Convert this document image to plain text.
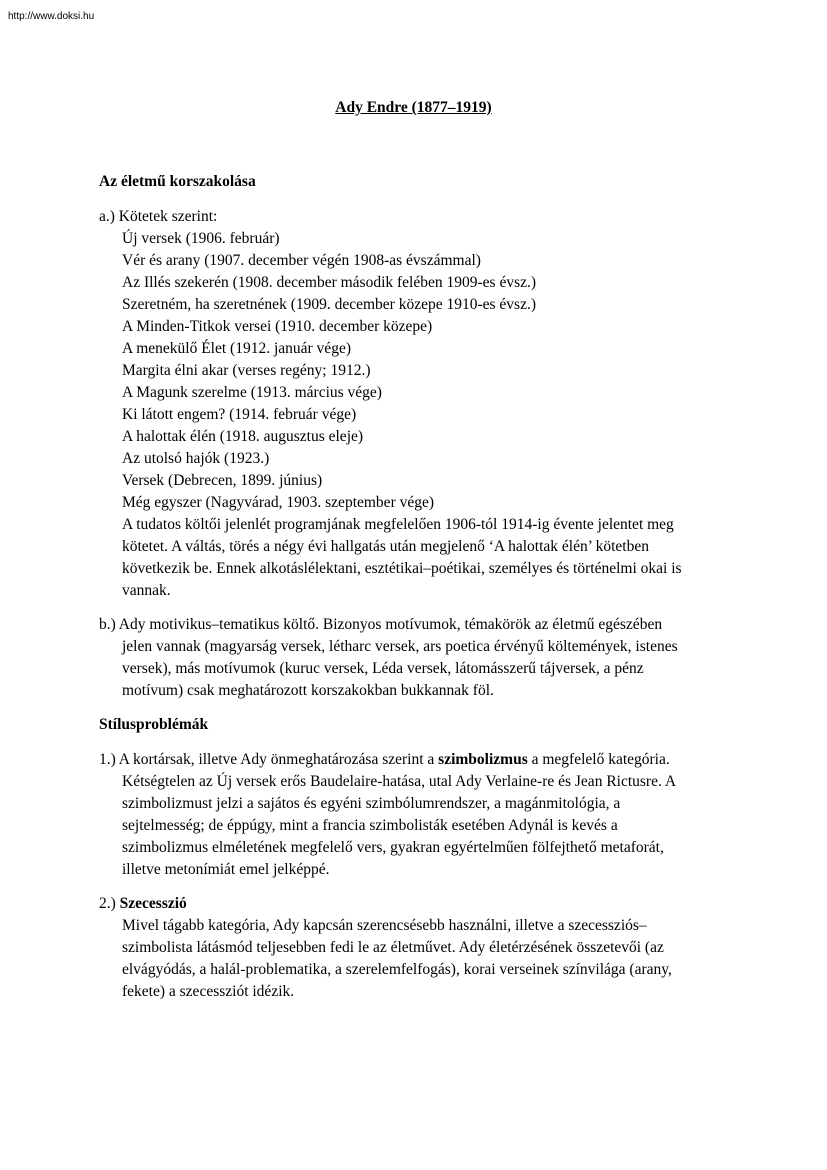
http://www.doksi.hu
Ady Endre (1877–1919)
Az életmű korszakolása
a.) Kötetek szerint:
Új versek (1906. február)
Vér és arany (1907. december végén 1908-as évszámmal)
Az Illés szekerén (1908. december második felében 1909-es évsz.)
Szeretném, ha szeretnének (1909. december közepe 1910-es évsz.)
A Minden-Titkok versei (1910. december közepe)
A menekülő Élet (1912. január vége)
Margita élni akar (verses regény; 1912.)
A Magunk szerelme (1913. március vége)
Ki látott engem? (1914. február vége)
A halottak élén (1918. augusztus eleje)
Az utolsó hajók (1923.)
Versek (Debrecen, 1899. június)
Még egyszer (Nagyvárad, 1903. szeptember vége)
A tudatos költői jelenlét programjának megfelelően 1906-tól 1914-ig évente jelentet meg
kötetet. A váltás, törés a négy évi hallgatás után megjelenő ‘A halottak élén’ kötetben
következik be. Ennek alkotáslélektani, esztétikai–poétikai, személyes és történelmi okai is
vannak.
b.) Ady motivikus–tematikus költő. Bizonyos motívumok, témakörök az életmű egészében
jelen vannak (magyarság versek, létharc versek, ars poetica érvényű költemények, istenes
versek), más motívumok (kuruc versek, Léda versek, látomásszerű tájversek, a pénz
motívum) csak meghatározott korszakokban bukkannak föl.
Stílusproblémák
1.) A kortársak, illetve Ady önmeghatározása szerint a szimbolizmus a megfelelő kategória.
Kétségtelen az Új versek erős Baudelaire-hatása, utal Ady Verlaine-re és Jean Rictusre. A
szimbolizmust jelzi a sajátos és egyéni szimbólumrendszer, a magánmitológia, a
sejtelmesség; de éppúgy, mint a francia szimbolisták esetében Adynál is kevés a
szimbolizmus elméletének megfelelő vers, gyakran egyértelműen fölfejthető metaforát,
illetve metonímiát emel jelképpé.
2.) Szecesszió
Mivel tágabb kategória, Ady kapcsán szerencsésebb használni, illetve a szecessziós–
szimbolista látásmód teljesebben fedi le az életművet. Ady életérzésének összetevői (az
elvágyódás, a halál-problematika, a szerelemfelfogás), korai verseinek színvilága (arany,
fekete) a szecessziót idézik.
